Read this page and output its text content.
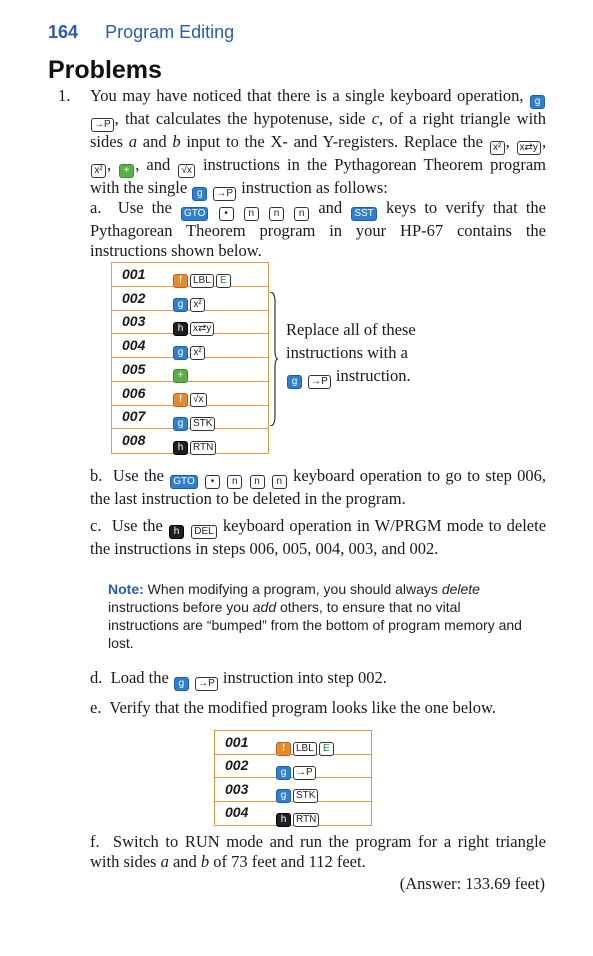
164 Program Editing
Problems
1. You may have noticed that there is a single keyboard operation, g→P , that calculates the hypotenuse, side c, of a right triangle with sides a and b input to the X- and Y-registers. Replace the x² , x⇄y , x² , + , and √x instructions in the Pythagorean Theorem program with the single g →P instruction as follows:
a. Use the GTO • n n n and SST keys to verify that the Pythagorean Theorem program in your HP-67 contains the instructions shown below.
001	f LBL E
002	g x²
003	h x⇄y
004	g x²
005	+
006	f √x
007	g STK
008	h RTN
Replace all of these
instructions with a
g →P instruction.
b. Use the GTO • n n n keyboard operation to go to step 006, the last instruction to be deleted in the program.
c. Use the h DEL keyboard operation in W/PRGM mode to delete the instructions in steps 006, 005, 004, 003, and 002.
Note: When modifying a program, you should always delete instructions before you add others, to ensure that no vital instructions are “bumped” from the bottom of program memory and lost.
d. Load the g →P instruction into step 002.
e. Verify that the modified program looks like the one below.
001	f LBL E
002	g →P
003	g STK
004	h RTN
f. Switch to RUN mode and run the program for a right triangle with sides a and b of 73 feet and 112 feet.
(Answer: 133.69 feet)
